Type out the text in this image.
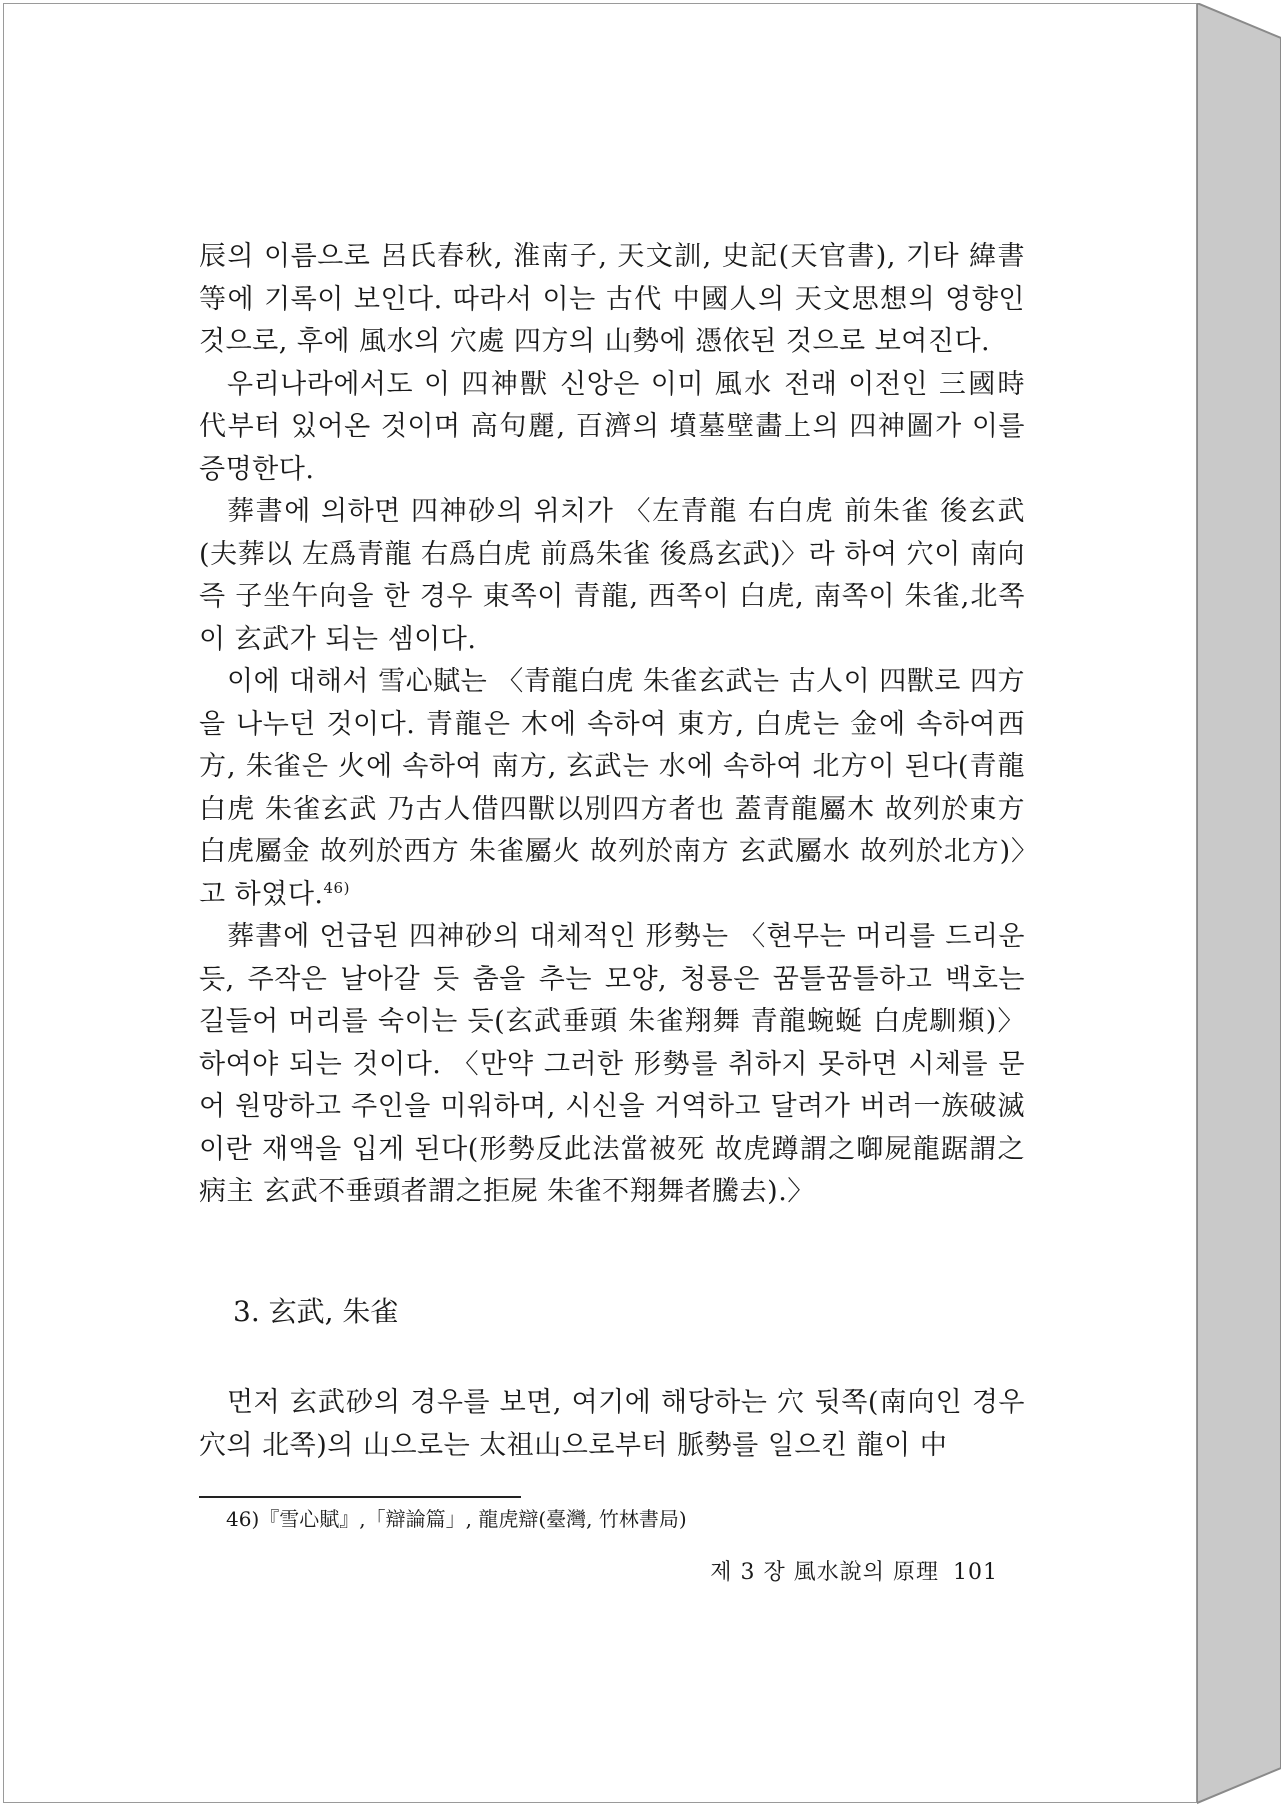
辰의 이름으로 呂氏春秋, 淮南子, 天文訓, 史記(天官書), 기타 緯書等에 기록이 보인다. 따라서 이는 古代 中國人의 天文思想의 영향인 것으로, 후에 風水의 穴處 四方의 山勢에 憑依된 것으로 보여진다.

우리나라에서도 이 四神獸 신앙은 이미 風水 전래 이전인 三國時代부터 있어온 것이며 高句麗, 百濟의 墳墓壁畵上의 四神圖가 이를 증명한다.

葬書에 의하면 四神砂의 위치가 〈左青龍 右白虎 前朱雀 後玄武(夫葬以 左爲青龍 右爲白虎 前爲朱雀 後爲玄武)〉라 하여 穴이 南向즉 子坐午向을 한 경우 東쪽이 青龍, 西쪽이 白虎, 南쪽이 朱雀,北쪽이 玄武가 되는 셈이다.

이에 대해서 雪心賦는 〈青龍白虎 朱雀玄武는 古人이 四獸로 四方을 나누던 것이다. 青龍은 木에 속하여 東方, 白虎는 金에 속하여西方, 朱雀은 火에 속하여 南方, 玄武는 水에 속하여 北方이 된다(青龍白虎 朱雀玄武 乃古人借四獸以別四方者也 蓋青龍屬木 故列於東方 白虎屬金 故列於西方 朱雀屬火 故列於南方 玄武屬水 故列於北方)〉고 하였다.$^{46)}$

葬書에 언급된 四神砂의 대체적인 形勢는 〈현무는 머리를 드리운듯, 주작은 날아갈 듯 춤을 추는 모양, 청룡은 꿈틀꿈틀하고 백호는 길들어 머리를 숙이는 듯(玄武垂頭 朱雀翔舞 青龍蜿蜒 白虎馴頫)〉하여야 되는 것이다. 〈만약 그러한 形勢를 취하지 못하면 시체를 문어 원망하고 주인을 미워하며, 시신을 거역하고 달려가 버려一族破滅이란 재액을 입게 된다(形勢反此法當被死 故虎蹲謂之啣屍龍踞謂之病主 玄武不垂頭者謂之拒屍 朱雀不翔舞者騰去).〉

3. 玄武, 朱雀
먼저 玄武砂의 경우를 보면, 여기에 해당하는 穴 뒷쪽(南向인 경우 穴의 北쪽)의 山으로는 太祖山으로부터 脈勢를 일으킨 龍이 中
46)『雪心賦』,「辯論篇」, 龍虎辯(臺灣, 竹林書局)
제 3 장 風水說의 原理 101
